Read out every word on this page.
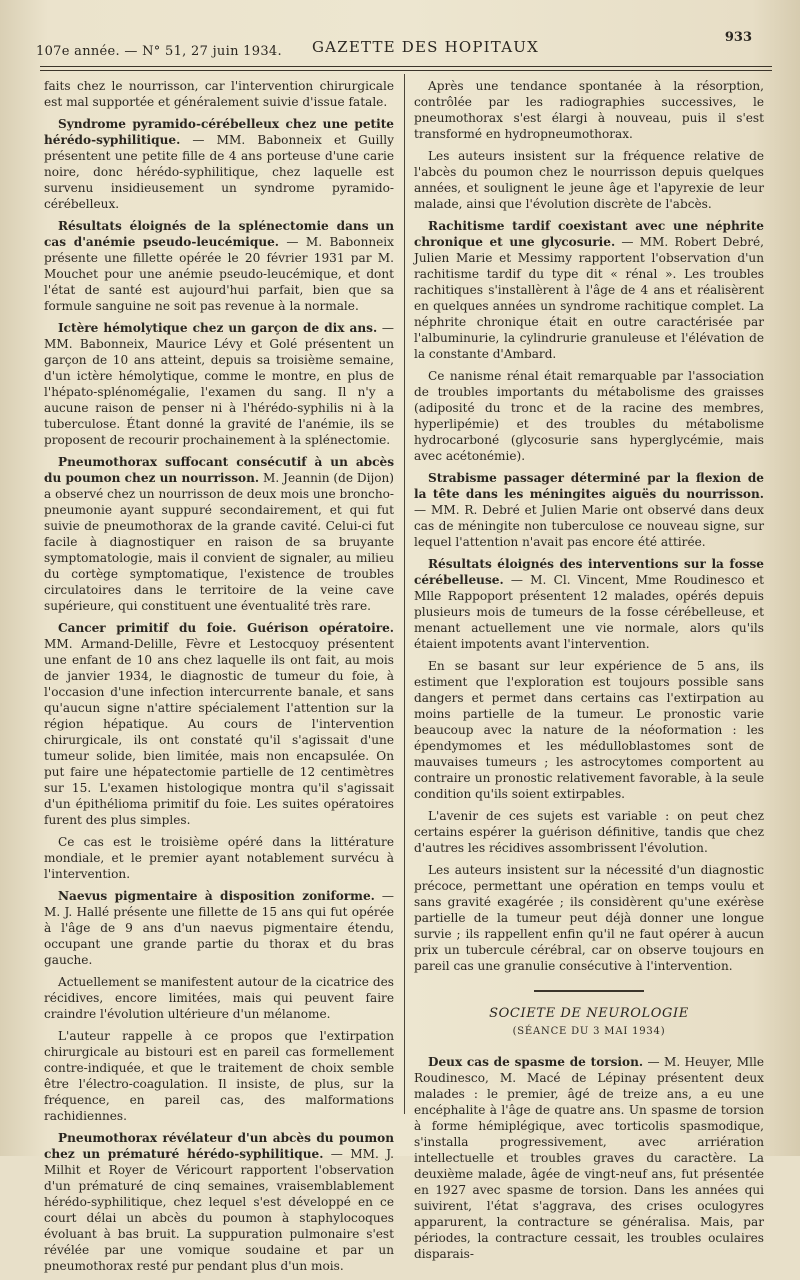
107e année. — N° 51, 27 juin 1934. GAZETTE DES HOPITAUX
933

faits chez le nourrisson, car l'intervention chirurgicale est mal supportée et généralement suivie d'issue fatale.

Syndrome pyramido-cérébelleux chez une petite hérédo-syphilitique. — MM. Babonneix et Guilly présentent une petite fille de 4 ans porteuse d'une carie noire, donc hérédo-syphilitique, chez laquelle est survenu insidieusement un syndrome pyramido-cérébelleux.

Résultats éloignés de la splénectomie dans un cas d'anémie pseudo-leucémique. — M. Babonneix présente une fillette opérée le 20 février 1931 par M. Mouchet pour une anémie pseudo-leucémique, et dont l'état de santé est aujourd'hui parfait, bien que sa formule sanguine ne soit pas revenue à la normale.

Ictère hémolytique chez un garçon de dix ans. — MM. Babonneix, Maurice Lévy et Golé présentent un garçon de 10 ans atteint, depuis sa troisième semaine, d'un ictère hémolytique, comme le montre, en plus de l'hépato-splénomégalie, l'examen du sang. Il n'y a aucune raison de penser ni à l'hérédo-syphilis ni à la tuberculose. Étant donné la gravité de l'anémie, ils se proposent de recourir prochainement à la splénectomie.

Pneumothorax suffocant consécutif à un abcès du poumon chez un nourrisson. M. Jeannin (de Dijon) a observé chez un nourrisson de deux mois une broncho-pneumonie ayant suppuré secondairement, et qui fut suivie de pneumothorax de la grande cavité. Celui-ci fut facile à diagnostiquer en raison de sa bruyante symptomatologie, mais il convient de signaler, au milieu du cortège symptomatique, l'existence de troubles circulatoires dans le territoire de la veine cave supérieure, qui constituent une éventualité très rare.

Cancer primitif du foie. Guérison opératoire. MM. Armand-Delille, Fèvre et Lestocquoy présentent une enfant de 10 ans chez laquelle ils ont fait, au mois de janvier 1934, le diagnostic de tumeur du foie, à l'occasion d'une infection intercurrente banale, et sans qu'aucun signe n'attire spécialement l'attention sur la région hépatique. Au cours de l'intervention chirurgicale, ils ont constaté qu'il s'agissait d'une tumeur solide, bien limitée, mais non encapsulée. On put faire une hépatectomie partielle de 12 centimètres sur 15. L'examen histologique montra qu'il s'agissait d'un épithélioma primitif du foie. Les suites opératoires furent des plus simples.

Ce cas est le troisième opéré dans la littérature mondiale, et le premier ayant notablement survécu à l'intervention.

Naevus pigmentaire à disposition zoniforme. — M. J. Hallé présente une fillette de 15 ans qui fut opérée à l'âge de 9 ans d'un naevus pigmentaire étendu, occupant une grande partie du thorax et du bras gauche.

Actuellement se manifestent autour de la cicatrice des récidives, encore limitées, mais qui peuvent faire craindre l'évolution ultérieure d'un mélanome.

L'auteur rappelle à ce propos que l'extirpation chirurgicale au bistouri est en pareil cas formellement contre-indiquée, et que le traitement de choix semble être l'électro-coagulation. Il insiste, de plus, sur la fréquence, en pareil cas, des malformations rachidiennes.

Pneumothorax révélateur d'un abcès du poumon chez un prématuré hérédo-syphilitique. — MM. J. Milhit et Royer de Véricourt rapportent l'observation d'un prématuré de cinq semaines, vraisemblablement hérédo-syphilitique, chez lequel s'est développé en ce court délai un abcès du poumon à staphylocoques évoluant à bas bruit. La suppuration pulmonaire s'est révélée par une vomique soudaine et par un pneumothorax resté pur pendant plus d'un mois.

Après une tendance spontanée à la résorption, contrôlée par les radiographies successives, le pneumothorax s'est élargi à nouveau, puis il s'est transformé en hydropneumothorax.

Les auteurs insistent sur la fréquence relative de l'abcès du poumon chez le nourrisson depuis quelques années, et soulignent le jeune âge et l'apyrexie de leur malade, ainsi que l'évolution discrète de l'abcès.

Rachitisme tardif coexistant avec une néphrite chronique et une glycosurie. — MM. Robert Debré, Julien Marie et Messimy rapportent l'observation d'un rachitisme tardif du type dit « rénal ». Les troubles rachitiques s'installèrent à l'âge de 4 ans et réalisèrent en quelques années un syndrome rachitique complet. La néphrite chronique était en outre caractérisée par l'albuminurie, la cylindrurie granuleuse et l'élévation de la constante d'Ambard.

Ce nanisme rénal était remarquable par l'association de troubles importants du métabolisme des graisses (adiposité du tronc et de la racine des membres, hyperlipémie) et des troubles du métabolisme hydrocarboné (glycosurie sans hyperglycémie, mais avec acétonémie).

Strabisme passager déterminé par la flexion de la tête dans les méningites aiguës du nourrisson. — MM. R. Debré et Julien Marie ont observé dans deux cas de méningite non tuberculose ce nouveau signe, sur lequel l'attention n'avait pas encore été attirée.

Résultats éloignés des interventions sur la fosse cérébelleuse. — M. Cl. Vincent, Mme Roudinesco et Mlle Rappoport présentent 12 malades, opérés depuis plusieurs mois de tumeurs de la fosse cérébelleuse, et menant actuellement une vie normale, alors qu'ils étaient impotents avant l'intervention.

En se basant sur leur expérience de 5 ans, ils estiment que l'exploration est toujours possible sans dangers et permet dans certains cas l'extirpation au moins partielle de la tumeur. Le pronostic varie beaucoup avec la nature de la néoformation : les épendymomes et les médulloblastomes sont de mauvaises tumeurs ; les astrocytomes comportent au contraire un pronostic relativement favorable, à la seule condition qu'ils soient extirpables.

L'avenir de ces sujets est variable : on peut chez certains espérer la guérison définitive, tandis que chez d'autres les récidives assombrissent l'évolution.

Les auteurs insistent sur la nécessité d'un diagnostic précoce, permettant une opération en temps voulu et sans gravité exagérée ; ils considèrent qu'une exérèse partielle de la tumeur peut déjà donner une longue survie ; ils rappellent enfin qu'il ne faut opérer à aucun prix un tubercule cérébral, car on observe toujours en pareil cas une granulie consécutive à l'intervention.

SOCIETE DE NEUROLOGIE
(SÉANCE DU 3 MAI 1934)

Deux cas de spasme de torsion. — M. Heuyer, Mlle Roudinesco, M. Macé de Lépinay présentent deux malades : le premier, âgé de treize ans, a eu une encéphalite à l'âge de quatre ans. Un spasme de torsion à forme hémiplégique, avec torticolis spasmodique, s'installa progressivement, avec arriération intellectuelle et troubles graves du caractère. La deuxième malade, âgée de vingt-neuf ans, fut présentée en 1927 avec spasme de torsion. Dans les années qui suivirent, l'état s'aggrava, des crises oculogyres apparurent, la contracture se généralisa. Mais, par périodes, la contracture cessait, les troubles oculaires disparais-
